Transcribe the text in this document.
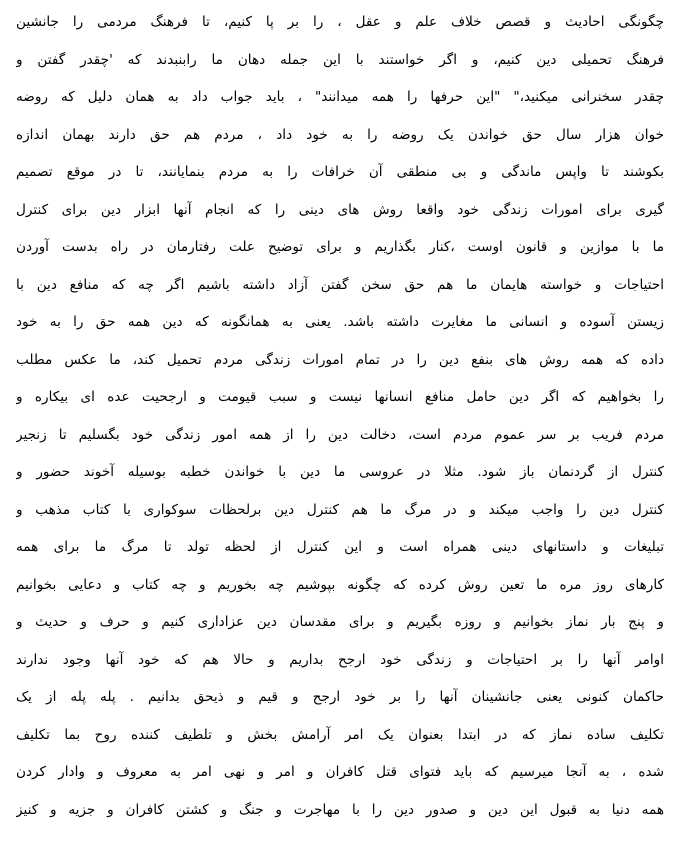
چگونگی احادیث و قصص خلاف علم و عقل ، را بر پا کنیم، تا فرهنگ مردمی را جانشین
فرهنگ تحمیلی دین کنیم، و اگر خواستند با این جمله دهان ما رابنبدند که 'چقدر گفتن و
چقدر سخنرانی میکنید،" "این حرفها را همه میدانند" ، باید جواب داد به همان دلیل که روضه
خوان هزار سال حق خواندن یک روضه را به خود داد ، مردم هم حق دارند بهمان اندازه
بکوشند تا واپس ماندگی و بی منطقی آن خرافات را به مردم بنمایانند، تا در موقع تصمیم
گیری برای امورات زندگی خود واقعا روش های دینی را که انجام آنها ابزار دین برای کنترل
ما با موازین و قانون اوست ،کنار بگذاریم و برای توضیح علت رفتارمان در راه بدست آوردن
احتیاجات و خواسته هایمان ما هم حق سخن گفتن آزاد داشته باشیم اگر چه که منافع دین با
زیستن آسوده و انسانی ما مغایرت داشته باشد. یعنی به همانگونه که دین همه حق را به خود
داده که همه روش های بنفع دین را در تمام امورات زندگی مردم تحمیل کند، ما عکس مطلب
را بخواهیم که اگر دین حامل منافع انسانها نیست و سبب قیومت و ارجحیت عده ای بیکاره و
مردم فریب بر سر عموم مردم است، دخالت دین را از همه امور زندگی خود بگسلیم تا زنجیر
کنترل از گردنمان باز شود. مثلا در عروسی ما دین با خواندن خطبه بوسیله آخوند حضور و
کنترل دین را واجب میکند و در مرگ ما هم کنترل دین برلحظات سوکواری با کتاب مذهب و
تبلیغات و داستانهای دینی همراه است و این کنترل از لحظه تولد تا مرگ ما برای همه
کارهای روز مره ما تعین روش کرده که چگونه بپوشیم چه بخوریم و چه کتاب و دعایی بخوانیم
و پنج بار نماز بخوانیم و روزه بگیریم و برای مقدسان دین عزاداری کنیم و حرف و حدیث و
اوامر آنها را بر احتیاجات و زندگی خود ارجح بداریم و حالا هم که خود آنها وجود ندارند
حاکمان کنونی یعنی جانشینان آنها را بر خود ارجح و قیم و ذیحق بدانیم . پله پله از یک
تکلیف ساده نماز که در ابتدا بعنوان یک امر آرامش بخش و تلطیف کننده روح بما تکلیف
شده ، به آنجا میرسیم که باید فتوای قتل کافران و امر و نهی امر به معروف و وادار کردن
همه دنیا به قبول این دین و صدور دین را با مهاجرت و جنگ و کشتن کافران و جزیه و کنیز
